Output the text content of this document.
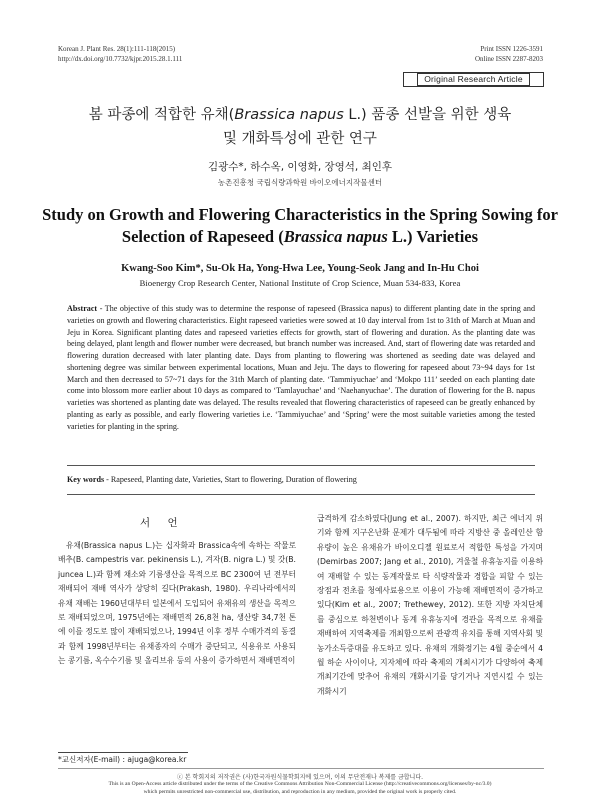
Korean J. Plant Res. 28(1):111-118(2015)
http://dx.doi.org/10.7732/kjpr.2015.28.1.111
Print ISSN 1226-3591
Online ISSN 2287-8203
Original Research Article
봄 파종에 적합한 유채(Brassica napus L.) 품종 선발을 위한 생육
및 개화특성에 관한 연구
김광수*, 하수옥, 이영화, 장영석, 최인후
농촌진흥청 국립식량과학원 바이오에너지작물센터
Study on Growth and Flowering Characteristics in the Spring Sowing for
Selection of Rapeseed (Brassica napus L.) Varieties
Kwang-Soo Kim*, Su-Ok Ha, Yong-Hwa Lee, Young-Seok Jang and In-Hu Choi
Bioenergy Crop Research Center, National Institute of Crop Science, Muan 534-833, Korea
Abstract - The objective of this study was to determine the response of rapeseed (Brassica napus) to different planting date in the spring and varieties on growth and flowering characteristics. Eight rapeseed varieties were sowed at 10 day interval from 1st to 31th of March at Muan and Jeju in Korea. Significant planting dates and rapeseed varieties effects for growth, start of flowering and duration. As the planting date was being delayed, plant length and flower number were decreased, but branch number was increased. And, start of flowering date was retarded and flowering duration decreased with later planting date. Days from planting to flowering was shortened as seeding date was delayed and shortening degree was similar between experimental locations, Muan and Jeju. The days to flowering for rapeseed about 73~94 days for 1st March and then decreased to 57~71 days for the 31th March of planting date. ‘Tammiyuchae’ and ‘Mokpo 111’ seeded on each planting date come into blossom more earlier about 10 days as compared to ‘Tamlayuchae’ and ‘Naehanyuchae’. The duration of flowering for the B. napus varieties was shortened as planting date was delayed. The results revealed that flowering characteristics of rapeseed can be greatly enhanced by planting as early as possible, and early flowering varieties i.e. ‘Tammiyuchae’ and ‘Spring’ were the most suitable varieties among the tested varieties for planting in the spring.
Key words - Rapeseed, Planting date, Varieties, Start to flowering, Duration of flowering
서 언
유채(Brassica napus L.)는 십자화과 Brassica속에 속하는 작물로 배추(B. campestris var. pekinensis L.), 겨자(B. nigra L.) 및 갓(B. juncea L.)과 함께 채소와 기름생산을 목적으로 BC 2300여 년 전부터 재배되어 재배 역사가 상당히 길다(Prakash, 1980). 우리나라에서의 유채 재배는 1960년대부터 일본에서 도입되어 유채유의 생산을 목적으로 재배되었으며, 1975년에는 재배면적 26,8천 ha, 생산량 34,7천 톤에 이를 정도로 많이 재배되었으나, 1994년 이후 정부 수매가격의 동결과 함께 1998년부터는 유채종자의 수매가 중단되고, 식용유로 사용되는 콩기름, 옥수수기름 및 올리브유 등의 사용이 증가하면서 재배면적이
급격하게 감소하였다(Jung et al., 2007). 하지만, 최근 에너지 위기와 함께 지구온난화 문제가 대두됨에 따라 지방산 중 올레인산 함유량이 높은 유채유가 바이오디젤 원료로서 적합한 특성을 가지며(Demirbas 2007; Jang et al., 2010), 겨울철 유휴농지를 이용하여 재배할 수 있는 동계작물로 타 식량작물과 경합을 피할 수 있는 장점과 전초를 청예사료용으로 이용이 가능해 재배면적이 증가하고 있다(Kim et al., 2007; Trethewey, 2012). 또한 지방 자치단체를 중심으로 하천변이나 동계 유휴농지에 경관을 목적으로 유채를 재배하여 지역축제를 개최함으로써 관광객 유치를 통해 지역사회 및 농가소득증대를 유도하고 있다. 유채의 개화정기는 4월 중순에서 4월 하순 사이이나, 지자체에 따라 축제의 개최시기가 다양하여 축제 개최기간에 맞추어 유채의 개화시기를 당기거나 지연시킬 수 있는 개화시기
*교신저자(E-mail) : ajuga@korea.kr
ⓒ 본 학회지의 저작권은 (사)한국자원식물학회지에 있으며, 이의 무단전재나 복제를 금합니다.
This is an Open-Access article distributed under the terms of the Creative Commons Attribution Non-Commercial License (http://creativecommons.org/licenses/by-nc/3.0)
which permits unrestricted non-commercial use, distribution, and reproduction in any medium, provided the original work is properly cited.
